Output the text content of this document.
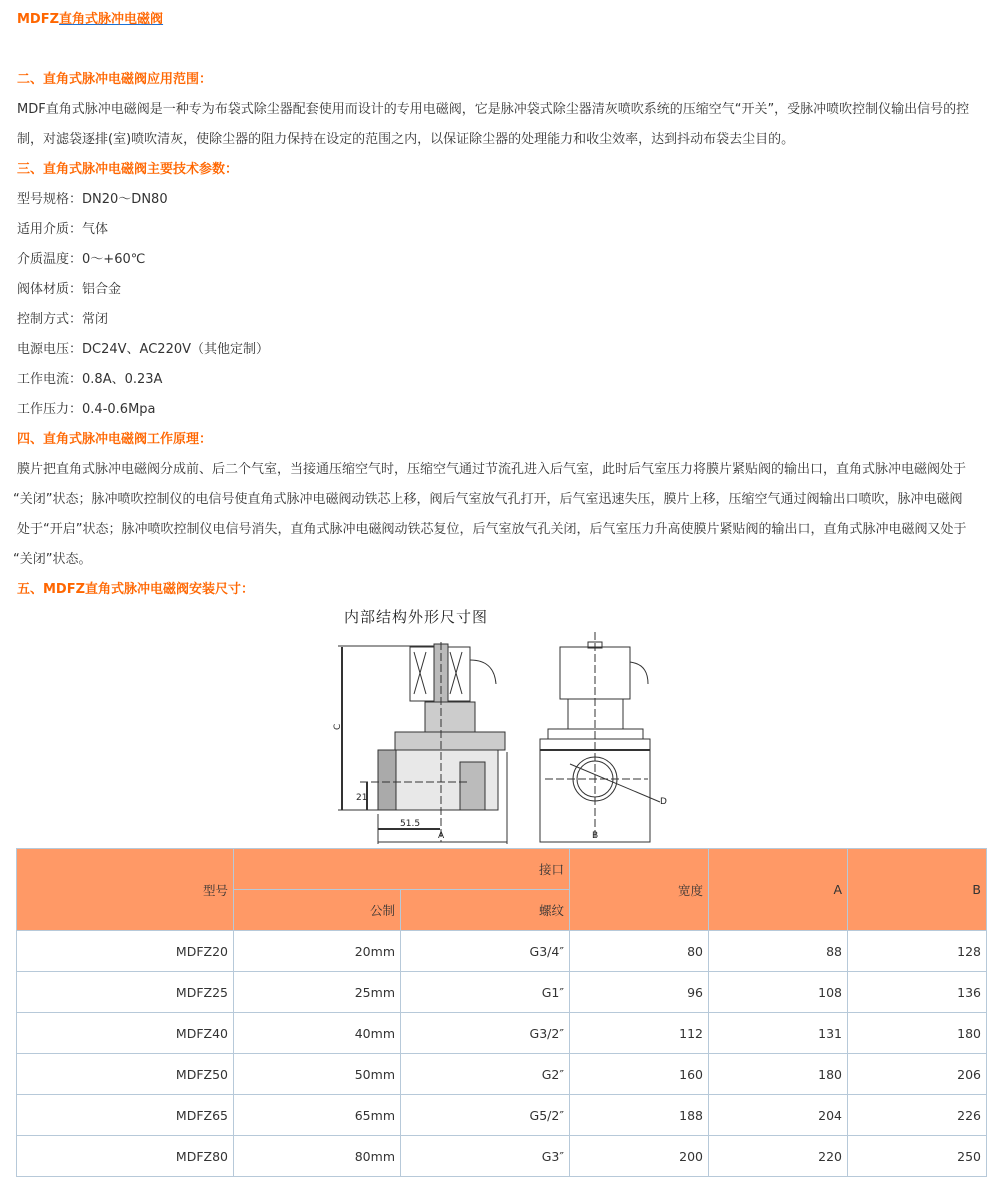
MDFZ直角式脉冲电磁阀
二、直角式脉冲电磁阀应用范围：
MDF直角式脉冲电磁阀是一种专为布袋式除尘器配套使用而设计的专用电磁阀，它是脉冲袋式除尘器清灰喷吹系统的压缩空气“开关”，受脉冲喷吹控制仪输出信号的控
制，对滤袋逐排(室)喷吹清灰，使除尘器的阻力保持在设定的范围之内，以保证除尘器的处理能力和收尘效率，达到抖动布袋去尘目的。
三、直角式脉冲电磁阀主要技术参数：
型号规格：DN20～DN80
适用介质：气体
介质温度：0～+60℃
阀体材质：铝合金
控制方式：常闭
电源电压：DC24V、AC220V（其他定制）
工作电流：0.8A、0.23A
工作压力：0.4-0.6Mpa
四、直角式脉冲电磁阀工作原理：
膜片把直角式脉冲电磁阀分成前、后二个气室，当接通压缩空气时，压缩空气通过节流孔进入后气室，此时后气室压力将膜片紧贴阀的输出口，直角式脉冲电磁阀处于
“关闭”状态；脉冲喷吹控制仪的电信号使直角式脉冲电磁阀动铁芯上移，阀后气室放气孔打开，后气室迅速失压，膜片上移，压缩空气通过阀输出口喷吹，脉冲电磁阀
处于“开启”状态；脉冲喷吹控制仪电信号消失，直角式脉冲电磁阀动铁芯复位，后气室放气孔关闭，后气室压力升高使膜片紧贴阀的输出口，直角式脉冲电磁阀又处于
“关闭”状态。
五、MDFZ直角式脉冲电磁阀安装尺寸：
内部结构外形尺寸图
C
21
51.5
A	B
D
型号	接口		宽度	A	B
	公制	螺纹			
MDFZ20	20mm	G3/4″	80	88	128
MDFZ25	25mm	G1″	96	108	136
MDFZ40	40mm	G3/2″	112	131	180
MDFZ50	50mm	G2″	160	180	206
MDFZ65	65mm	G5/2″	188	204	226
MDFZ80	80mm	G3″	200	220	250
